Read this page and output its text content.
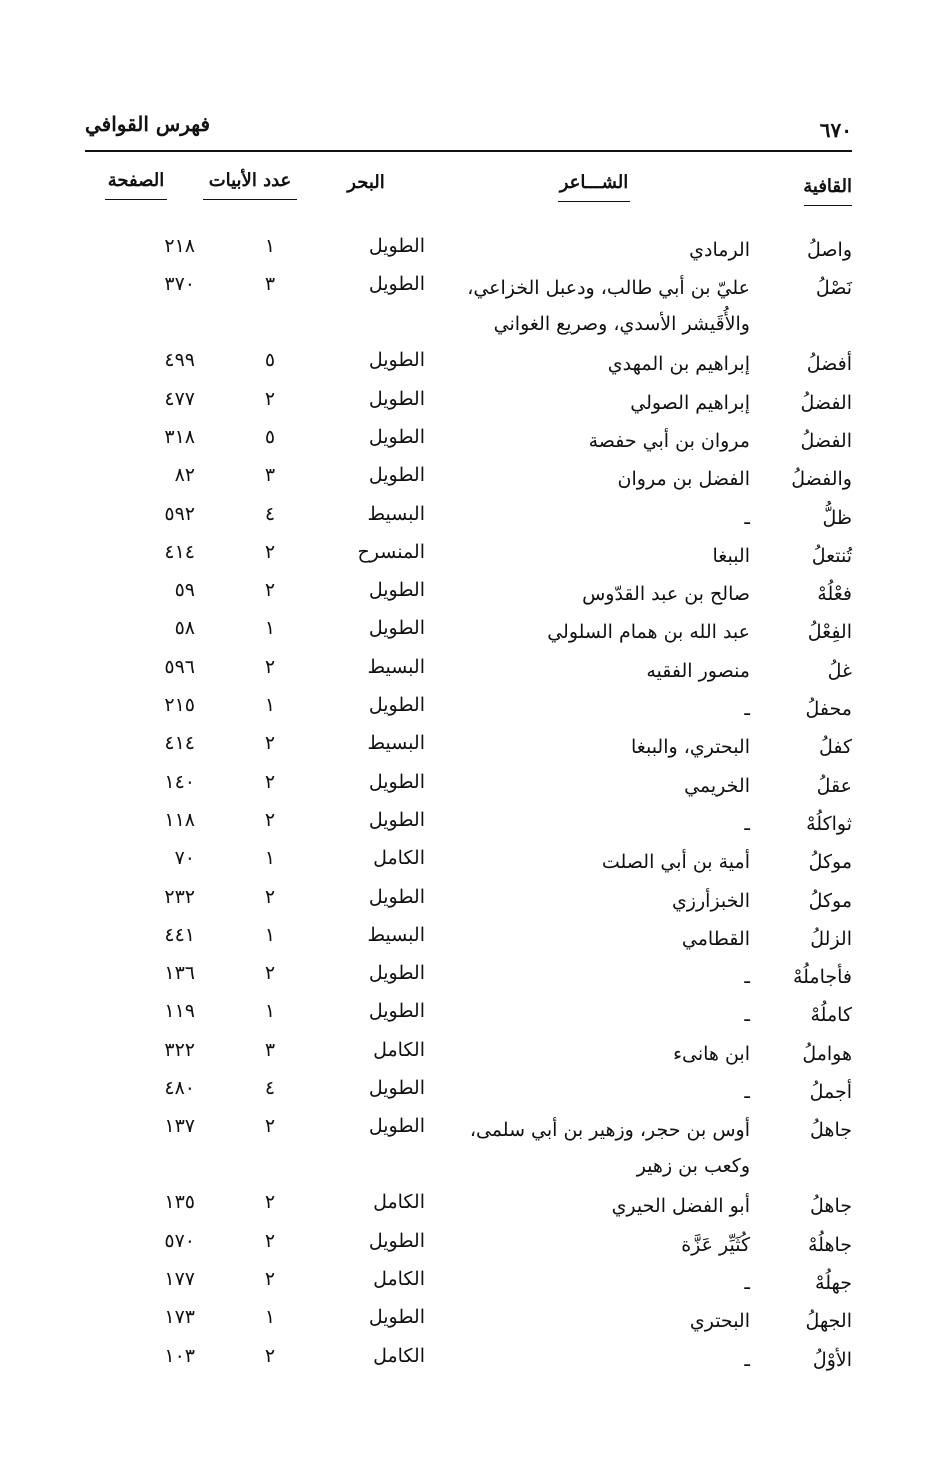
فهرس القوافي	٦٧٠
القافية
الشـــاعر
البحر
عدد الأبيات
الصفحة
واصلُ
الرمادي
الطويل
١
٢١٨
نَصْلُ
عليّ بن أبي طالب، ودعبل الخزاعي، والأُقَيشر الأسدي، وصريع الغواني
الطويل
٣
٣٧٠
أفضلُ
إبراهيم بن المهدي
الطويل
٥
٤٩٩
الفضلُ
إبراهيم الصولي
الطويل
٢
٤٧٧
الفضلُ
مروان بن أبي حفصة
الطويل
٥
٣١٨
والفضلُ
الفضل بن مروان
الطويل
٣
٨٢
ظلُّ
ـ
البسيط
٤
٥٩٢
تُنتعلُ
الببغا
المنسرح
٢
٤١٤
فعْلُهْ
صالح بن عبد القدّوس
الطويل
٢
٥٩
الفِعْلُ
عبد الله بن همام السلولي
الطويل
١
٥٨
غلُ
منصور الفقيه
البسيط
٢
٥٩٦
محفلُ
ـ
الطويل
١
٢١٥
كفلُ
البحتري، والببغا
البسيط
٢
٤١٤
عقلُ
الخريمي
الطويل
٢
١٤٠
ثواكلُهْ
ـ
الطويل
٢
١١٨
موكلُ
أمية بن أبي الصلت
الكامل
١
٧٠
موكلُ
الخبزأرزي
الطويل
٢
٢٣٢
الزللُ
القطامي
البسيط
١
٤٤١
فأجاملُهْ
ـ
الطويل
٢
١٣٦
كاملُهْ
ـ
الطويل
١
١١٩
هواملُ
ابن هانىء
الكامل
٣
٣٢٢
أجملُ
ـ
الطويل
٤
٤٨٠
جاهلُ
أوس بن حجر، وزهير بن أبي سلمى، وكعب بن زهير
الطويل
٢
١٣٧
جاهلُ
أبو الفضل الحيري
الكامل
٢
١٣٥
جاهلُهْ
كُثَيِّر عَزَّة
الطويل
٢
٥٧٠
جهلُهْ
ـ
الكامل
٢
١٧٧
الجهلُ
البحتري
الطويل
١
١٧٣
الأوْلُ
ـ
الكامل
٢
١٠٣
